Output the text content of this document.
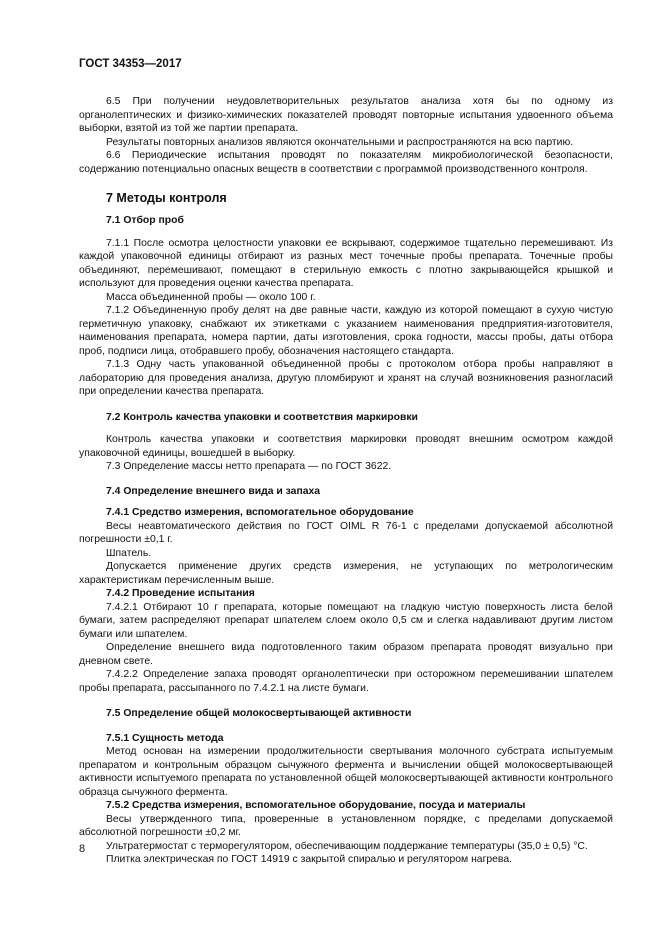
ГОСТ 34353—2017

6.5 При получении неудовлетворительных результатов анализа хотя бы по одному из органолептических и физико-химических показателей проводят повторные испытания удвоенного объема выборки, взятой из той же партии препарата.

Результаты повторных анализов являются окончательными и распространяются на всю партию.

6.6 Периодические испытания проводят по показателям микробиологической безопасности, содержанию потенциально опасных веществ в соответствии с программой производственного контроля.

7 Методы контроля
7.1 Отбор проб

7.1.1 После осмотра целостности упаковки ее вскрывают, содержимое тщательно перемешивают. Из каждой упаковочной единицы отбирают из разных мест точечные пробы препарата. Точечные пробы объединяют, перемешивают, помещают в стерильную емкость с плотно закрывающейся крышкой и используют для проведения оценки качества препарата.

Масса объединенной пробы — около 100 г.

7.1.2 Объединенную пробу делят на две равные части, каждую из которой помещают в сухую чистую герметичную упаковку, снабжают их этикетками с указанием наименования предприятия-изготовителя, наименования препарата, номера партии, даты изготовления, срока годности, массы пробы, даты отбора проб, подписи лица, отобравшего пробу, обозначения настоящего стандарта.

7.1.3 Одну часть упакованной объединенной пробы с протоколом отбора пробы направляют в лабораторию для проведения анализа, другую пломбируют и хранят на случай возникновения разногласий при определении качества препарата.

7.2 Контроль качества упаковки и соответствия маркировки

Контроль качества упаковки и соответствия маркировки проводят внешним осмотром каждой упаковочной единицы, вошедшей в выборку.

7.3 Определение массы нетто препарата — по ГОСТ 3622.

7.4 Определение внешнего вида и запаха
7.4.1 Средство измерения, вспомогательное оборудование

Весы неавтоматического действия по ГОСТ OIML R 76-1 с пределами допускаемой абсолютной погрешности ±0,1 г.

Шпатель.

Допускается применение других средств измерения, не уступающих по метрологическим характеристикам перечисленным выше.

7.4.2 Проведение испытания

7.4.2.1 Отбирают 10 г препарата, которые помещают на гладкую чистую поверхность листа белой бумаги, затем распределяют препарат шпателем слоем около 0,5 см и слегка надавливают другим листом бумаги или шпателем.

Определение внешнего вида подготовленного таким образом препарата проводят визуально при дневном свете.

7.4.2.2 Определение запаха проводят органолептически при осторожном перемешивании шпателем пробы препарата, рассыпанного по 7.4.2.1 на листе бумаги.

7.5 Определение общей молокосвертывающей активности
7.5.1 Сущность метода

Метод основан на измерении продолжительности свертывания молочного субстрата испытуемым препаратом и контрольным образцом сычужного фермента и вычислении общей молокосвертывающей активности испытуемого препарата по установленной общей молокосвертывающей активности контрольного образца сычужного фермента.

7.5.2 Средства измерения, вспомогательное оборудование, посуда и материалы

Весы утвержденного типа, проверенные в установленном порядке, с пределами допускаемой абсолютной погрешности ±0,2 мг.

Ультратермостат с терморегулятором, обеспечивающим поддержание температуры (35,0 ± 0,5) °С.

Плитка электрическая по ГОСТ 14919 с закрытой спиралью и регулятором нагрева.

8
